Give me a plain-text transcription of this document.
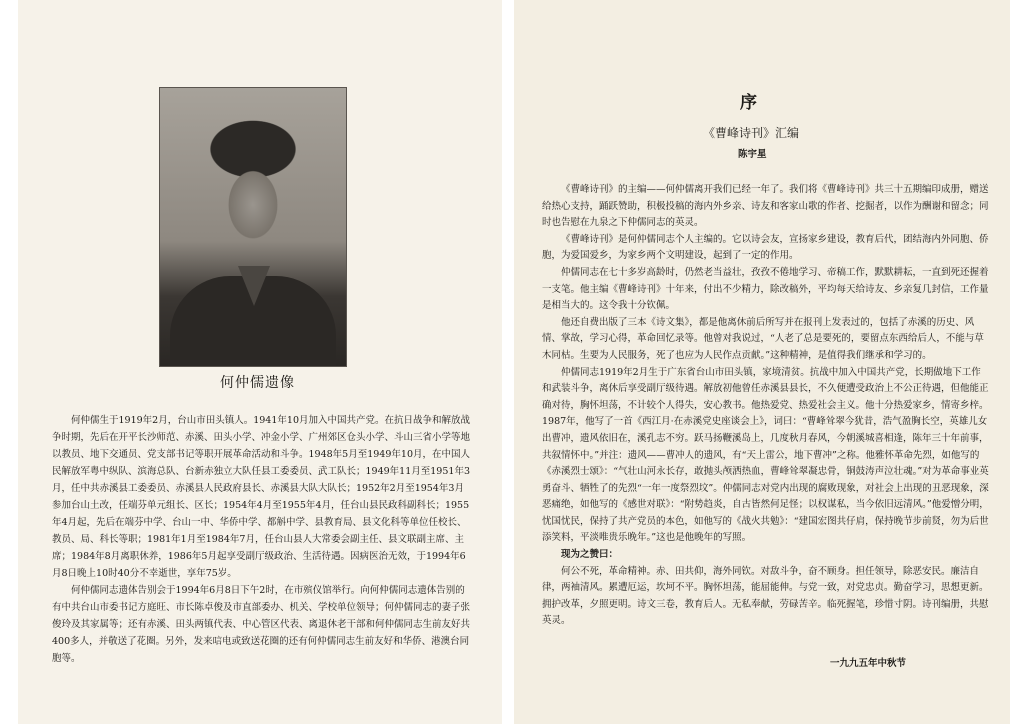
何仲儒遗像

何仲儒生于1919年2月，台山市田头镇人。1941年10月加入中国共产党。在抗日战争和解放战争时期，先后在开平长沙师范、赤溪、田头小学、冲金小学、广州郊区仓头小学、斗山三省小学等地以教员、地下交通员、党支部书记等职开展革命活动和斗争。1948年5月至1949年10月，在中国人民解放军粤中纵队、滨海总队、台新赤独立大队任县工委委员、武工队长；1949年11月至1951年3月，任中共赤溪县工委委员、赤溪县人民政府县长、赤溪县大队大队长；1952年2月至1954年3月参加台山土改，任端芬单元组长、区长；1954年4月至1955年4月，任台山县民政科副科长；1955年4月起，先后在端芬中学、台山一中、华侨中学、都斛中学、县教育局、县文化科等单位任校长、教员、局、科长等职；1981年1月至1984年7月，任台山县人大常委会副主任、县文联副主席、主席；1984年8月离职休养，1986年5月起享受副厅级政治、生活待遇。因病医治无效，于1994年6月8日晚上10时40分不幸逝世，享年75岁。

何仲儒同志遗体告别会于1994年6月8日下午2时，在市殡仪馆举行。向何仲儒同志遗体告别的有中共台山市委书记方庭旺、市长陈卓俊及市直部委办、机关、学校单位领导；何仲儒同志的妻子张俊玲及其家属等；还有赤溪、田头两镇代表、中心管区代表、离退休老干部和何仲儒同志生前友好共400多人，并敬送了花圈。另外，发来唁电或致送花圈的还有何仲儒同志生前友好和华侨、港澳台同胞等。

序
《曹峰诗刊》汇编
陈宇星

《曹峰诗刊》的主编——何仲儒离开我们已经一年了。我们将《曹峰诗刊》共三十五期编印成册，赠送给热心支持，踊跃赞助，积极投稿的海内外乡亲、诗友和客家山歌的作者、挖掘者，以作为酬谢和留念；同时也告慰在九泉之下仲儒同志的英灵。

《曹峰诗刊》是何仲儒同志个人主编的。它以诗会友，宣扬家乡建设，教育后代，团结海内外同胞、侨胞，为爱国爱乡，为家乡两个文明建设，起到了一定的作用。

仲儒同志在七十多岁高龄时，仍然老当益壮，孜孜不倦地学习、帝稿工作，默默耕耘，一直到死还握着一支笔。他主编《曹峰诗刊》十年来，付出不少精力，除改稿外，平均每天给诗友、乡亲复几封信，工作量是相当大的。这令我十分钦佩。

他还自费出版了三本《诗文集》，都是他离休前后所写并在报刊上发表过的，包括了赤溪的历史、风情、掌故，学习心得，革命回忆录等。他曾对我说过，“人老了总是要死的，要留点东西给后人，不能与草木同枯。生要为人民服务，死了也应为人民作点贡献。”这种精神，是值得我们继承和学习的。

仲儒同志1919年2月生于广东省台山市田头镇，家境清贫。抗战中加入中国共产党，长期做地下工作和武装斗争，离休后享受副厅级待遇。解放初他曾任赤溪县县长，不久便遭受政治上不公正待遇，但他能正确对待，胸怀坦荡，不计较个人得失，安心教书。他热爱党、热爱社会主义。他十分热爱家乡，情寄乡梓。1987年，他写了一首《西江月·在赤溪党史座谈会上》，词曰：“曹峰耸翠今犹昔，浩气盈胸长空，英雄儿女出曹冲，遗风依旧在，溪孔志不穷。跃马扬鞭溪岛上，几度秋月春风，今朝溪城喜相逢，陈年三十年前事，共叙情怀中。”并注：遗风——曹冲人的遗风，有“天上雷公，地下曹冲”之称。他雅怀革命先烈，如他写的《赤溪烈士颂》：“气壮山河永长存，敢抛头颅洒热血，曹峰耸翠凝忠骨，铜鼓涛声泣壮魂。”对为革命事业英勇奋斗、牺牲了的先烈“一年一度祭烈坟”。仲儒同志对党内出现的腐败现象，对社会上出现的丑恶现象，深恶痛绝，如他写的《感世对联》：“附势趋炎，自古皆然何足怪；以权谋私，当今依旧远清风。”他爱憎分明，忧国忧民，保持了共产党员的本色，如他写的《战火共勉》：“建国宏图共仔肩，保持晚节步前贤，勿为后世添笑料，平淡唯贵乐晚年。”这也是他晚年的写照。

现为之赞曰：

何公不死，革命精神。赤、田共仰，海外同钦。对敌斗争，奋不顾身。担任领导，除恶安民。廉洁自律，两袖清风。累遭厄运，坎坷不平。胸怀坦荡，能屈能伸。与党一致，对党忠贞。勤奋学习，思想更新。拥护改革，夕照更明。诗文三卷，教育后人。无私奉献，劳碌苦辛。临死握笔，珍惜寸阴。诗刊编册，共慰英灵。

一九九五年中秋节
